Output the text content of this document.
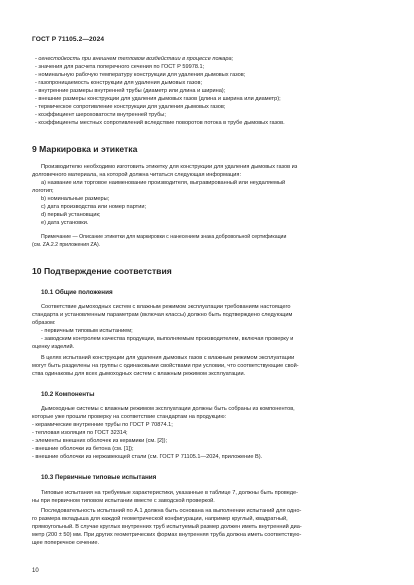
ГОСТ Р 71105.2—2024
- огнестойкость при внешнем тепловом воздействии в процессе пожара;
- значения для расчета поперечного сечения по ГОСТ Р 59978.1;
- номинальную рабочую температуру конструкции для удаления дымовых газов;
- газопроницаемость конструкции для удаления дымовых газов;
- внутренние размеры внутренней трубы (диаметр или длина и ширина);
- внешние размеры конструкции для удаления дымовых газов (длина и ширина или диаметр);
- термическое сопротивление конструкции для удаления дымовых газов;
- коэффициент шероховатости внутренней трубы;
- коэффициенты местных сопротивлений вследствие поворотов потока в трубе дымовых газов.
9 Маркировка и этикетка
Производителю необходимо изготовить этикетку для конструкции для удаления дымовых газов из
долговечного материала, на которой должна читаться следующая информация:
а) название или торговое наименование производителя, выгравированный или неудаляемый
логотип;
b) номинальные размеры;
c) дата производства или номер партии;
d) первый установщик;
e) дата установки.
Примечание — Описание этикетки для маркировки с нанесением знака добровольной сертификации
(см. ZA.2.2 приложения ZA).
10 Подтверждение соответствия
10.1 Общие положения
Соответствие дымоходных систем с влажным режимом эксплуатации требованиям настоящего
стандарта и установленным параметрам (включая классы) должно быть подтверждено следующим
образом:
- первичным типовым испытанием;
- заводским контролем качества продукции, выполняемым производителем, включая проверку и
оценку изделий.
В целях испытаний конструкции для удаления дымовых газов с влажным режимом эксплуатации
могут быть разделены на группы с одинаковыми свойствами при условии, что соответствующие свой-
ства одинаковы для всех дымоходных систем с влажным режимом эксплуатации.
10.2 Компоненты
Дымоходные системы с влажным режимом эксплуатации должны быть собраны из компонентов,
которые уже прошли проверку на соответствие стандартам на продукцию:
- керамические внутренние трубы по ГОСТ Р 70874.1;
- тепловая изоляция по ГОСТ 32314;
- элементы внешних оболочек из керамики (см. [2]);
- внешние оболочки из бетона (см. [1]);
- внешние оболочки из нержавеющей стали (см. ГОСТ Р 71105.1—2024, приложение В).
10.3 Первичные типовые испытания
Типовые испытания на требуемые характеристики, указанные в таблице 7, должны быть проведе-
ны при первичном типовом испытании вместе с заводской проверкой.
Последовательность испытаний по А.1 должна быть основана на выполнении испытаний для одно-
го размера вкладыша для каждой геометрической конфигурации, например круглый, квадратный,
прямоугольный. В случае круглых внутренних труб испытуемый размер должен иметь внутренний диа-
метр (200 ± 50) мм. При других геометрических формах внутренняя труба должна иметь соответствую-
щее поперечное сечение.
10
